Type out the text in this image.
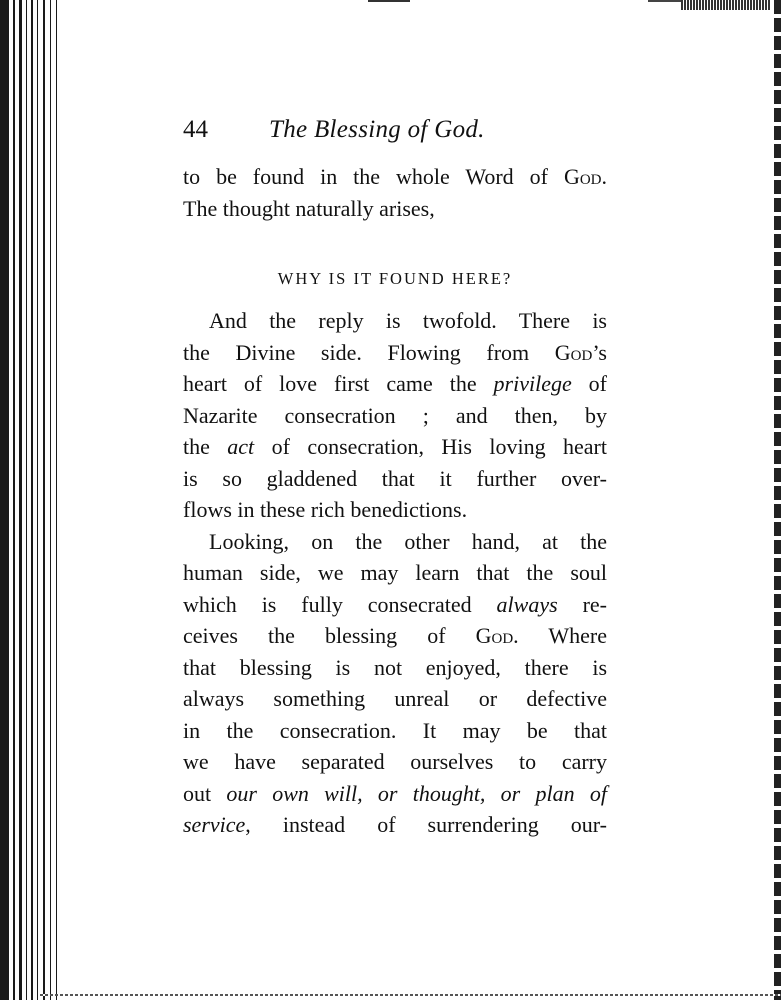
44 The Blessing of God.
to be found in the whole Word of God.
The thought naturally arises,
WHY IS IT FOUND HERE?
And the reply is twofold. There is
the Divine side. Flowing from God’s
heart of love first came the privilege of
Nazarite consecration ; and then, by
the act of consecration, His loving heart
is so gladdened that it further over-
flows in these rich benedictions.
Looking, on the other hand, at the
human side, we may learn that the soul
which is fully consecrated always re-
ceives the blessing of God. Where
that blessing is not enjoyed, there is
always something unreal or defective
in the consecration. It may be that
we have separated ourselves to carry
out our own will, or thought, or plan of
service, instead of surrendering our-
